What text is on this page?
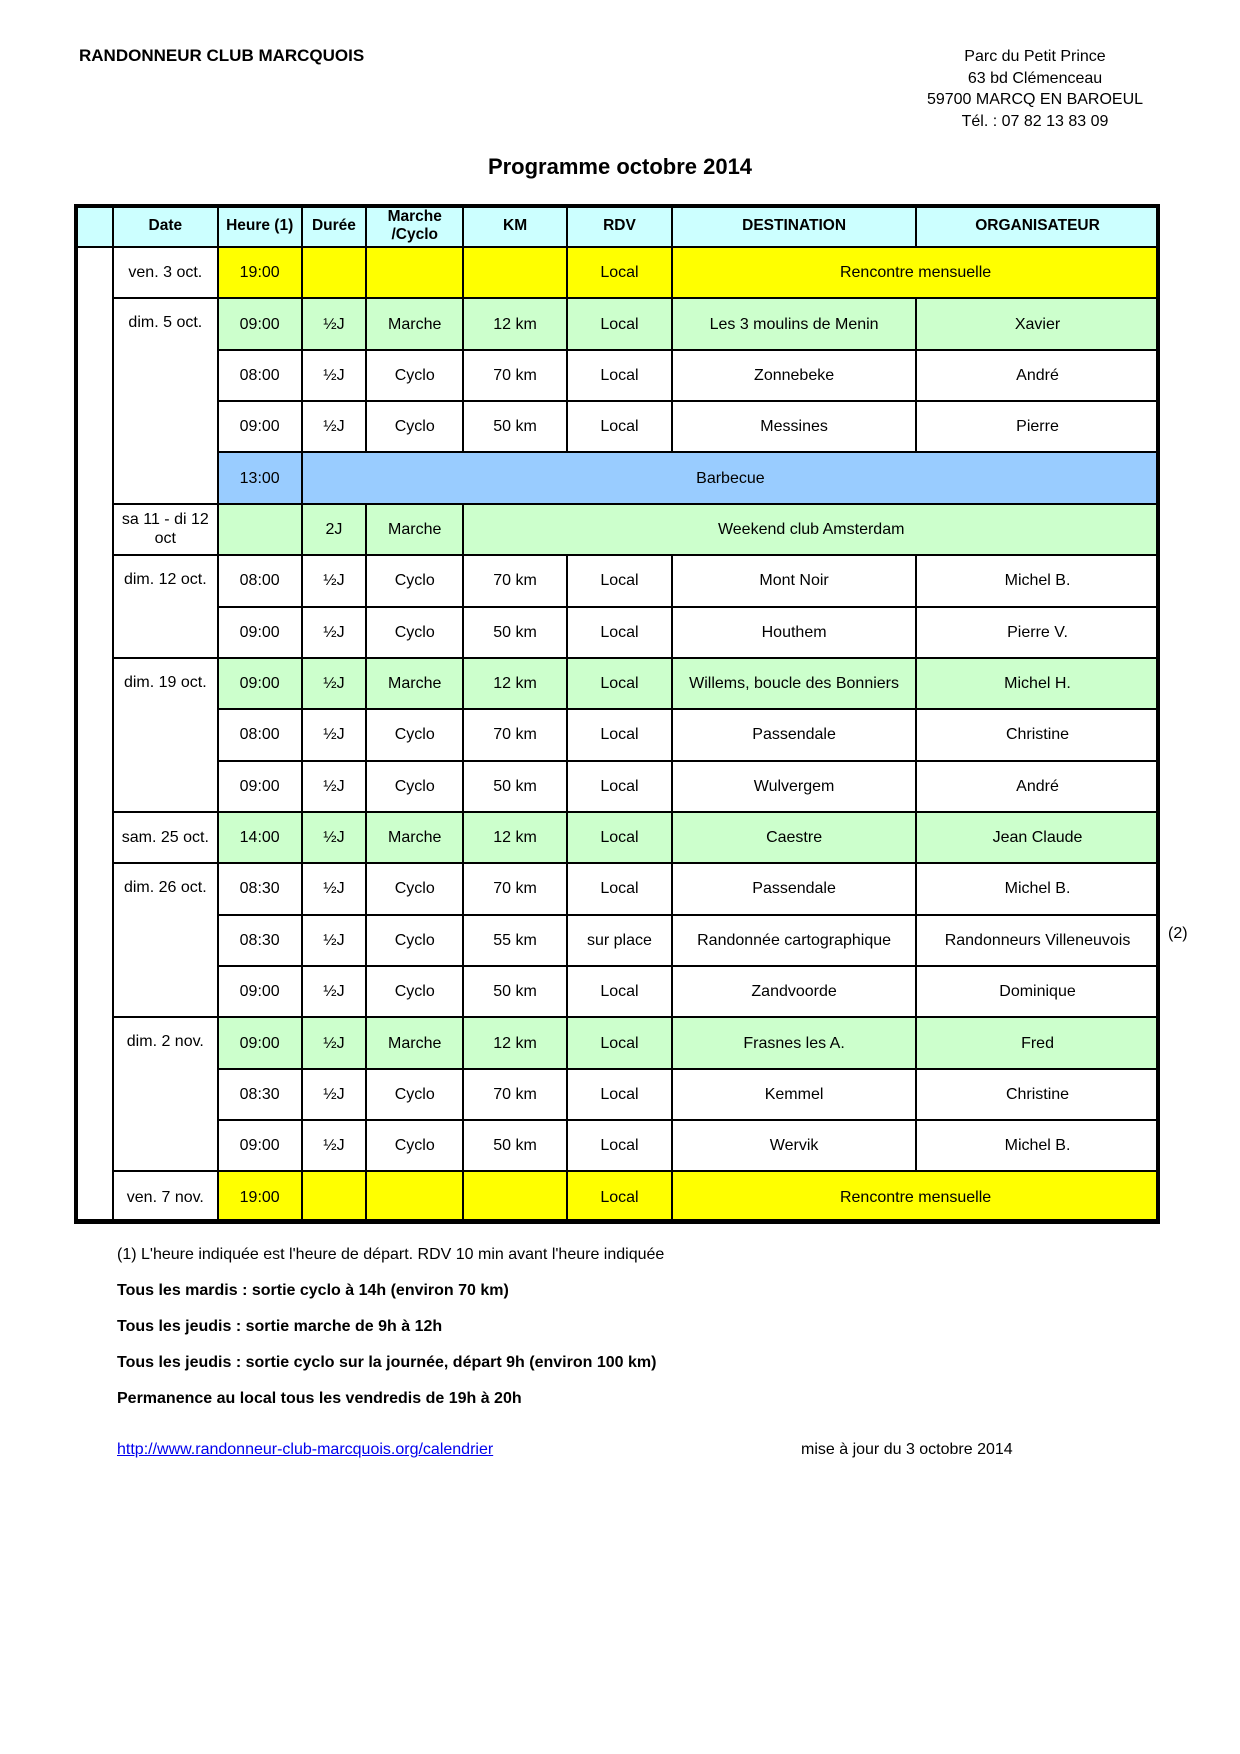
RANDONNEUR CLUB MARCQUOIS	Parc du Petit Prince
63 bd Clémenceau
59700 MARCQ EN BAROEUL
Tél. : 07 82 13 83 09
Programme octobre 2014
	Date	Heure (1)	Durée	Marche /Cyclo	KM	RDV	DESTINATION	ORGANISATEUR
	ven. 3 oct.	19:00				Local	Rencontre mensuelle	
	dim. 5 oct.	09:00	½J	Marche	12 km	Local	Les 3 moulins de Menin	Xavier
		08:00	½J	Cyclo	70 km	Local	Zonnebeke	André
		09:00	½J	Cyclo	50 km	Local	Messines	Pierre
		13:00	Barbecue					
	sa 11 - di 12 oct		2J	Marche	Weekend club Amsterdam			
	dim. 12 oct.	08:00	½J	Cyclo	70 km	Local	Mont Noir	Michel B.
		09:00	½J	Cyclo	50 km	Local	Houthem	Pierre V.
	dim. 19 oct.	09:00	½J	Marche	12 km	Local	Willems, boucle des Bonniers	Michel H.
		08:00	½J	Cyclo	70 km	Local	Passendale	Christine
		09:00	½J	Cyclo	50 km	Local	Wulvergem	André
	sam. 25 oct.	14:00	½J	Marche	12 km	Local	Caestre	Jean Claude
	dim. 26 oct.	08:30	½J	Cyclo	70 km	Local	Passendale	Michel B.
		08:30	½J	Cyclo	55 km	sur place	Randonnée cartographique	Randonneurs Villeneuvois
		09:00	½J	Cyclo	50 km	Local	Zandvoorde	Dominique
	dim. 2 nov.	09:00	½J	Marche	12 km	Local	Frasnes les A.	Fred
		08:30	½J	Cyclo	70 km	Local	Kemmel	Christine
		09:00	½J	Cyclo	50 km	Local	Wervik	Michel B.
	ven. 7 nov.	19:00				Local	Rencontre mensuelle	
(2)

(1) L'heure indiquée est l'heure de départ. RDV 10 min avant l'heure indiquée

Tous les mardis : sortie cyclo à 14h (environ 70 km)

Tous les jeudis : sortie marche de 9h à 12h

Tous les jeudis : sortie cyclo sur la journée, départ 9h (environ 100 km)

Permanence au local tous les vendredis de 19h à 20h

http://www.randonneur-club-marcquois.org/calendrier	mise à jour du 3 octobre 2014
